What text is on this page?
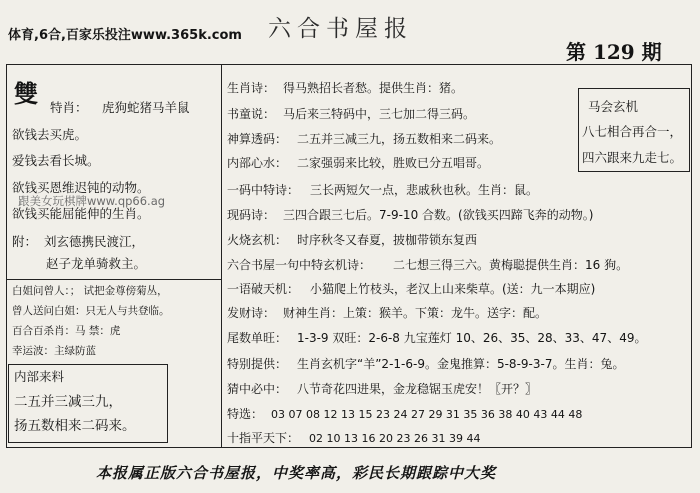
体育,6合,百家乐投注www.365k.com 六合书屋报
第 129 期
雙 特肖： 虎狗蛇猪马羊鼠
欲钱去买虎。
爱钱去看长城。
欲钱买恩维迟钝的动物。
跟美女玩棋牌www.qp66.ag
欲钱买能屈能伸的生肖。
附： 刘玄德携民渡江，
赵子龙单骑救主。
白姐问曾人：； 试把金尊傍菊丛，
曾人送问白姐：只无人与共登临。
百合百杀肖：马 禁：虎
幸运波：主绿防蓝
内部来料
二五并三减三九，
扬五数相来二码来。
马会玄机
八七相合再合一，
四六跟来九走七。
生肖诗： 得马熟招长者愁。提供生肖：猪。
书童说： 马后来三特码中，三七加二得三码。
神算透码： 二五并三减三九，扬五数相来二码来。
内部心水： 二家强弱来比较，胜败已分五唱哥。
一码中特诗： 三长两短欠一点，悲戚秋也秋。生肖：鼠。
现码诗： 三四合跟三七后。7-9-10 合数。(欲钱买四蹄飞奔的动物。)
火烧玄机： 时序秋冬又春夏，披枷带锁东复西
六合书屋一句中特玄机诗： 二七想三得三六。黄梅聪提供生肖：16 狗。
一语破天机： 小猫爬上竹枝头，老汉上山来柴草。(送：九一本期应)
发财诗： 财神生肖：上策：猴羊。下策：龙牛。送字：配。
尾数单旺： 1-3-9 双旺：2-6-8 九宝莲灯 10、26、35、28、33、47、49。
特别提供： 生肖玄机字“羊”2-1-6-9。金鬼推算：5-8-9-3-7。生肖：兔。
猜中必中： 八节奇花四进果，金龙稳锯玉虎安！〖开？〗
特选： 03 07 08 12 13 15 23 24 27 29 31 35 36 38 40 43 44 48
十指平天下： 02 10 13 16 20 23 26 31 39 44
本报属正版六合书屋报，中奖率高，彩民长期跟踪中大奖
